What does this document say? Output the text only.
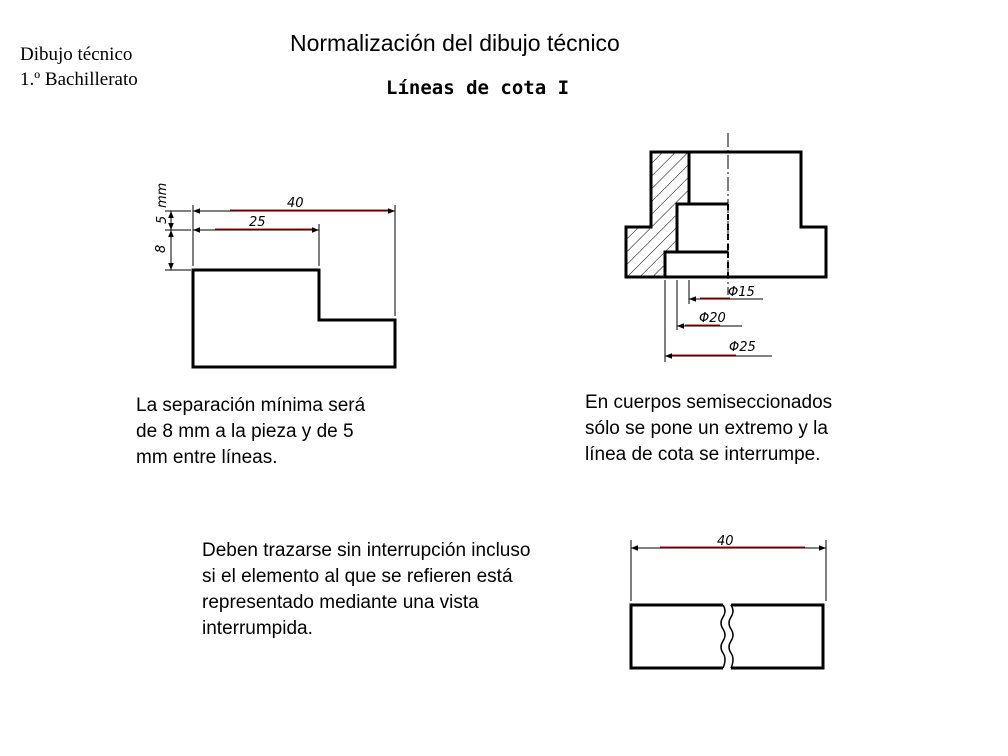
Dibujo técnico
1.º Bachillerato
Normalización del dibujo técnico
Líneas de cota I
40
25
5
mm
8
Φ15
Φ20
Φ25
40
La separación mínima será
de 8 mm a la pieza y de 5
mm entre líneas.
En cuerpos semiseccionados
sólo se pone un extremo y la
línea de cota se interrumpe.
Deben trazarse sin interrupción incluso
si el elemento al que se refieren está
representado mediante una vista
interrumpida.
